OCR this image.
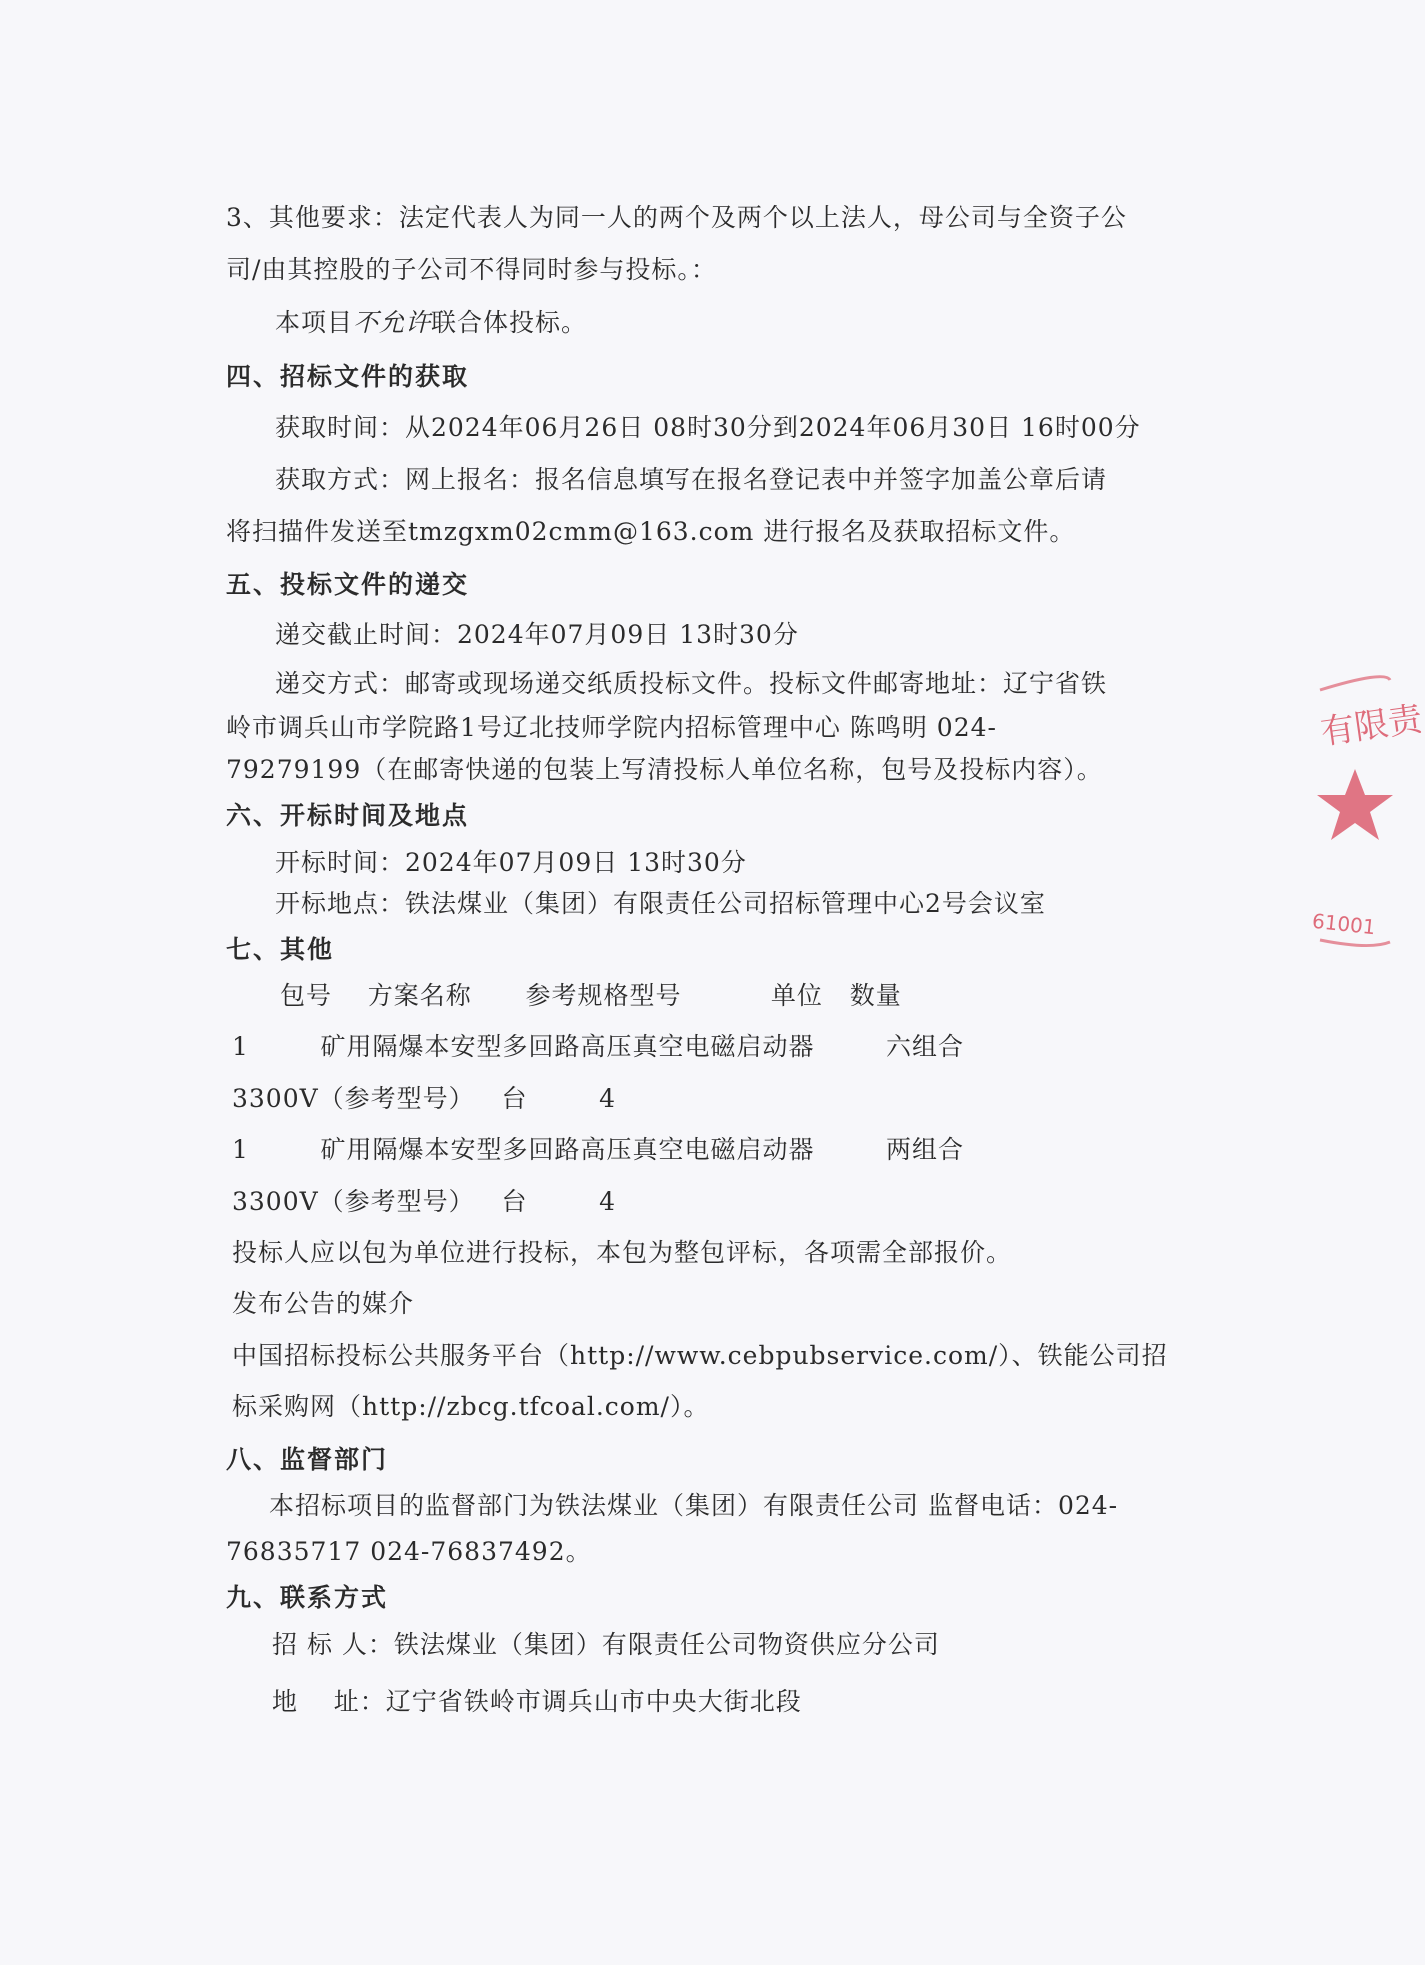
3、其他要求：法定代表人为同一人的两个及两个以上法人，母公司与全资子公
司/由其控股的子公司不得同时参与投标。：
本项目不允许联合体投标。
四、招标文件的获取
获取时间：从2024年06月26日 08时30分到2024年06月30日 16时00分
获取方式：网上报名：报名信息填写在报名登记表中并签字加盖公章后请
将扫描件发送至tmzgxm02cmm@163.com 进行报名及获取招标文件。
五、投标文件的递交
递交截止时间：2024年07月09日 13时30分
递交方式：邮寄或现场递交纸质投标文件。投标文件邮寄地址：辽宁省铁
岭市调兵山市学院路1号辽北技师学院内招标管理中心 陈鸣明 024-
79279199（在邮寄快递的包装上写清投标人单位名称，包号及投标内容）。
六、开标时间及地点
开标时间：2024年07月09日 13时30分
开标地点：铁法煤业（集团）有限责任公司招标管理中心2号会议室
七、其他
包号    方案名称      参考规格型号          单位   数量
1        矿用隔爆本安型多回路高压真空电磁启动器        六组合
3300V（参考型号）   台        4
1        矿用隔爆本安型多回路高压真空电磁启动器        两组合
3300V（参考型号）   台        4
投标人应以包为单位进行投标，本包为整包评标，各项需全部报价。
发布公告的媒介
中国招标投标公共服务平台（http://www.cebpubservice.com/）、铁能公司招
标采购网（http://zbcg.tfcoal.com/）。
八、监督部门
本招标项目的监督部门为铁法煤业（集团）有限责任公司 监督电话：024-
76835717 024-76837492。
九、联系方式
招 标 人：铁法煤业（集团）有限责任公司物资供应分公司
地    址：辽宁省铁岭市调兵山市中央大街北段
有限责
61001
